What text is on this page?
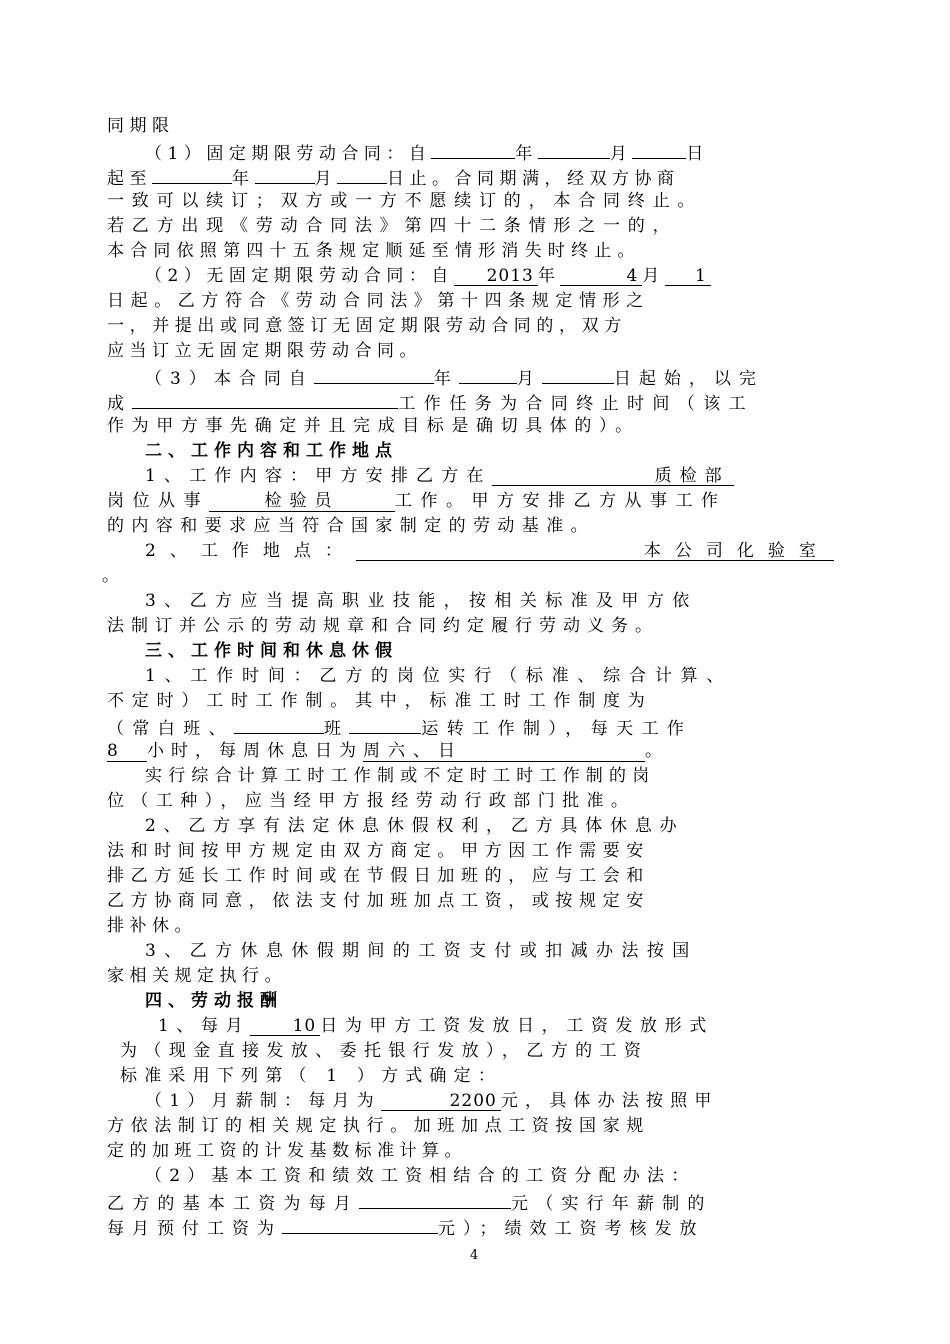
同期限
（1）固定期限劳动合同：自	年	月	日
起至	年	月	日止。合同期满，经双方协商
一致可以续订；双方或一方不愿续订的，本合同终止。
若乙方出现《劳动合同法》第四十二条情形之一的，
本合同依照第四十五条规定顺延至情形消失时终止。
（2）无固定期限劳动合同：自 2013 年	4 月 1
日起。乙方符合《劳动合同法》第十四条规定情形之
一，并提出或同意签订无固定期限劳动合同的，双方
应当订立无固定期限劳动合同。
（3）本合同自	年	月	日起始，以完
成	工作任务为合同终止时间（该工
作为甲方事先确定并且完成目标是确切具体的）。
二、工作内容和工作地点
1、工作内容：甲方安排乙方在	质检部
岗位从事	检验员	工作。甲方安排乙方从事工作
的内容和要求应当符合国家制定的劳动基准。
2、工作地点：	本公司化验室
。
3、乙方应当提高职业技能，按相关标准及甲方依
法制订并公示的劳动规章和合同约定履行劳动义务。
三、工作时间和休息休假
1、工作时间：乙方的岗位实行（标准、综合计算、
不定时）工时工作制。其中，标准工时工作制度为
（常白班、	班	运转工作制），每天工作
8 小时，每周休息日为周六、日	。
实行综合计算工时工作制或不定时工时工作制的岗
位（工种），应当经甲方报经劳动行政部门批准。
2、乙方享有法定休息休假权利，乙方具体休息办
法和时间按甲方规定由双方商定。甲方因工作需要安
排乙方延长工作时间或在节假日加班的，应与工会和
乙方协商同意，依法支付加班加点工资，或按规定安
排补休。
3、乙方休息休假期间的工资支付或扣减办法按国
家相关规定执行。
四、劳动报酬
1、每月 10 日为甲方工资发放日，工资发放形式
为（现金直接发放、委托银行发放），乙方的工资
标准采用下列第（ 1 ）方式确定：
（1）月薪制：每月为	2200 元，具体办法按照甲
方依法制订的相关规定执行。加班加点工资按国家规
定的加班工资的计发基数标准计算。
（2）基本工资和绩效工资相结合的工资分配办法：
乙方的基本工资为每月	元（实行年薪制的
每月预付工资为	元）；绩效工资考核发放
4
